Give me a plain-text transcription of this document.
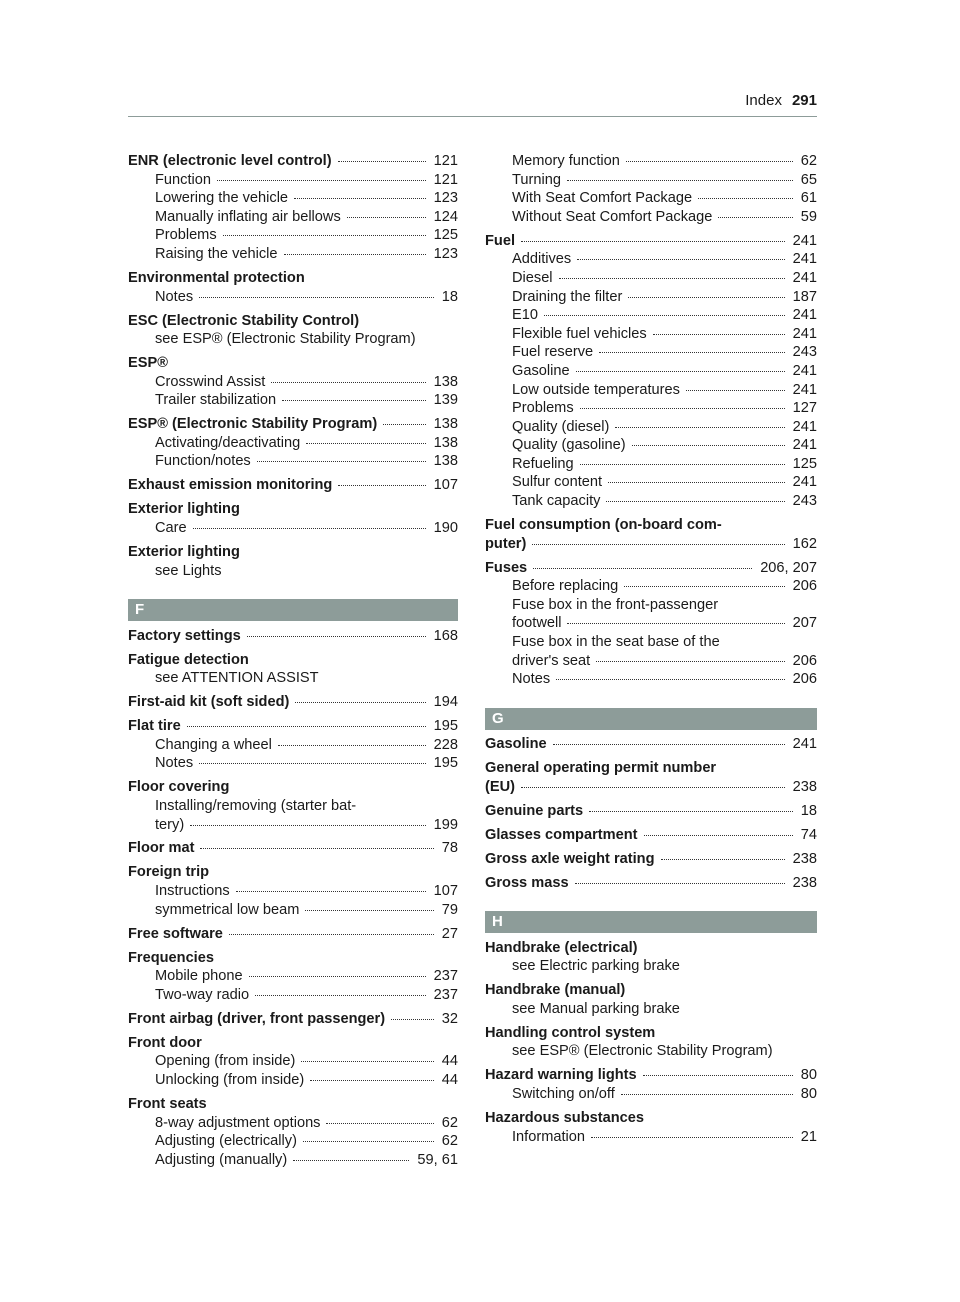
Index 291
ENR (electronic level control)	121
Function	121
Lowering the vehicle	123
Manually inflating air bellows	124
Problems	125
Raising the vehicle	123
Environmental protection
Notes	18
ESC (Electronic Stability Control)
see ESP® (Electronic Stability Program)
ESP®
Crosswind Assist	138
Trailer stabilization	139
ESP® (Electronic Stability Program)	138
Activating/deactivating	138
Function/notes	138
Exhaust emission monitoring	107
Exterior lighting
Care	190
Exterior lighting
see Lights
F
Factory settings	168
Fatigue detection
see ATTENTION ASSIST
First-aid kit (soft sided)	194
Flat tire	195
Changing a wheel	228
Notes	195
Floor covering
Installing/removing (starter bat-
tery)	199
Floor mat	78
Foreign trip
Instructions	107
symmetrical low beam	79
Free software	27
Frequencies
Mobile phone	237
Two-way radio	237
Front airbag (driver, front passenger)	32
Front door
Opening (from inside)	44
Unlocking (from inside)	44
Front seats
8-way adjustment options	62
Adjusting (electrically)	62
Adjusting (manually)	59, 61
Memory function	62
Turning	65
With Seat Comfort Package	61
Without Seat Comfort Package	59
Fuel	241
Additives	241
Diesel	241
Draining the filter	187
E10	241
Flexible fuel vehicles	241
Fuel reserve	243
Gasoline	241
Low outside temperatures	241
Problems	127
Quality (diesel)	241
Quality (gasoline)	241
Refueling	125
Sulfur content	241
Tank capacity	243
Fuel consumption (on-board com-
puter)	162
Fuses	206, 207
Before replacing	206
Fuse box in the front-passenger
footwell	207
Fuse box in the seat base of the
driver's seat	206
Notes	206
G
Gasoline	241
General operating permit number
(EU)	238
Genuine parts	18
Glasses compartment	74
Gross axle weight rating	238
Gross mass	238
H
Handbrake (electrical)
see Electric parking brake
Handbrake (manual)
see Manual parking brake
Handling control system
see ESP® (Electronic Stability Program)
Hazard warning lights	80
Switching on/off	80
Hazardous substances
Information	21
